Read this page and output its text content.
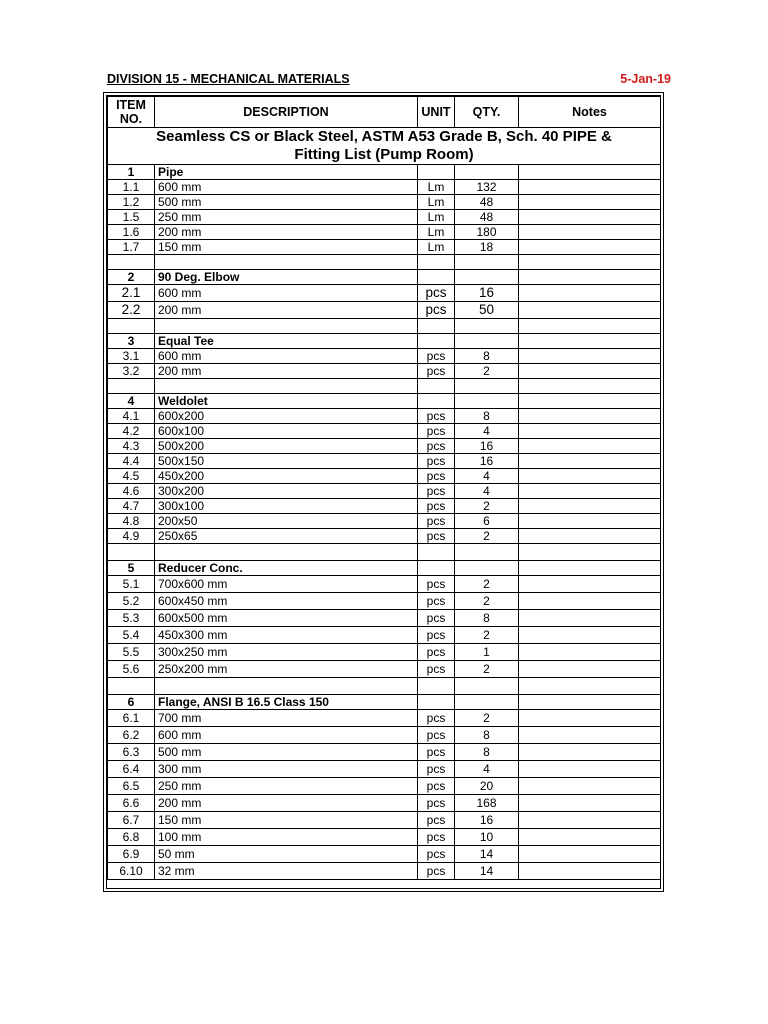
DIVISION 15 - MECHANICAL MATERIALS	5-Jan-19
ITEM NO.	DESCRIPTION	UNIT	QTY.	Notes
Seamless CS or Black Steel, ASTM A53 Grade B, Sch. 40 PIPE & Fitting List (Pump Room)				
1	Pipe			
1.1	600 mm	Lm	132	
1.2	500 mm	Lm	48	
1.5	250 mm	Lm	48	
1.6	200 mm	Lm	180	
1.7	150 mm	Lm	18	

2	90 Deg. Elbow			
2.1	600 mm	pcs	16	
2.2	200 mm	pcs	50	

3	Equal Tee			
3.1	600 mm	pcs	8	
3.2	200 mm	pcs	2	

4	Weldolet			
4.1	600x200	pcs	8	
4.2	600x100	pcs	4	
4.3	500x200	pcs	16	
4.4	500x150	pcs	16	
4.5	450x200	pcs	4	
4.6	300x200	pcs	4	
4.7	300x100	pcs	2	
4.8	200x50	pcs	6	
4.9	250x65	pcs	2	

5	Reducer Conc.			
5.1	700x600 mm	pcs	2	
5.2	600x450 mm	pcs	2	
5.3	600x500 mm	pcs	8	
5.4	450x300 mm	pcs	2	
5.5	300x250 mm	pcs	1	
5.6	250x200 mm	pcs	2	

6	Flange, ANSI B 16.5 Class 150			
6.1	700 mm	pcs	2	
6.2	600 mm	pcs	8	
6.3	500 mm	pcs	8	
6.4	300 mm	pcs	4	
6.5	250 mm	pcs	20	
6.6	200 mm	pcs	168	
6.7	150 mm	pcs	16	
6.8	100 mm	pcs	10	
6.9	50 mm	pcs	14	
6.10	32 mm	pcs	14	
